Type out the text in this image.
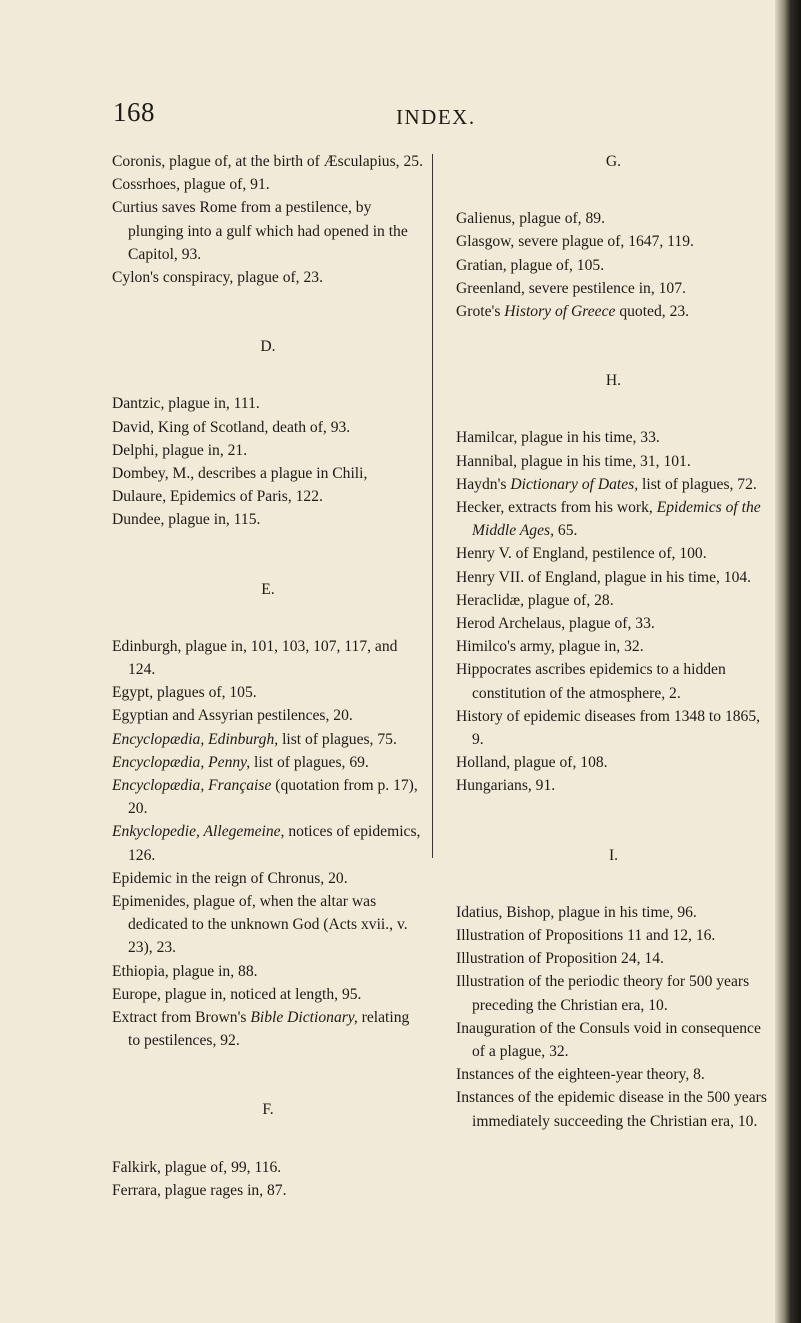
168	INDEX.

Coronis, plague of, at the birth of Æsculapius, 25.

Cossrhoes, plague of, 91.

Curtius saves Rome from a pestilence, by plunging into a gulf which had opened in the Capitol, 93.

Cylon's conspiracy, plague of, 23.

D.

Dantzic, plague in, 111.

David, King of Scotland, death of, 93.

Delphi, plague in, 21.

Dombey, M., describes a plague in Chili,

Dulaure, Epidemics of Paris, 122.

Dundee, plague in, 115.

E.

Edinburgh, plague in, 101, 103, 107, 117, and 124.

Egypt, plagues of, 105.

Egyptian and Assyrian pestilences, 20.

Encyclopædia, Edinburgh, list of plagues, 75.

Encyclopædia, Penny, list of plagues, 69.

Encyclopædia, Française (quotation from p. 17), 20.

Enkyclopedie, Allegemeine, notices of epidemics, 126.

Epidemic in the reign of Chronus, 20.

Epimenides, plague of, when the altar was dedicated to the unknown God (Acts xvii., v. 23), 23.

Ethiopia, plague in, 88.

Europe, plague in, noticed at length, 95.

Extract from Brown's Bible Dictionary, relating to pestilences, 92.

F.

Falkirk, plague of, 99, 116.

Ferrara, plague rages in, 87.

G.

Galienus, plague of, 89.

Glasgow, severe plague of, 1647, 119.

Gratian, plague of, 105.

Greenland, severe pestilence in, 107.

Grote's History of Greece quoted, 23.

H.

Hamilcar, plague in his time, 33.

Hannibal, plague in his time, 31, 101.

Haydn's Dictionary of Dates, list of plagues, 72.

Hecker, extracts from his work, Epidemics of the Middle Ages, 65.

Henry V. of England, pestilence of, 100.

Henry VII. of England, plague in his time, 104.

Heraclidæ, plague of, 28.

Herod Archelaus, plague of, 33.

Himilco's army, plague in, 32.

Hippocrates ascribes epidemics to a hidden constitution of the atmosphere, 2.

History of epidemic diseases from 1348 to 1865, 9.

Holland, plague of, 108.

Hungarians, 91.

I.

Idatius, Bishop, plague in his time, 96.

Illustration of Propositions 11 and 12, 16.

Illustration of Proposition 24, 14.

Illustration of the periodic theory for 500 years preceding the Christian era, 10.

Inauguration of the Consuls void in consequence of a plague, 32.

Instances of the eighteen-year theory, 8.

Instances of the epidemic disease in the 500 years immediately succeeding the Christian era, 10.
